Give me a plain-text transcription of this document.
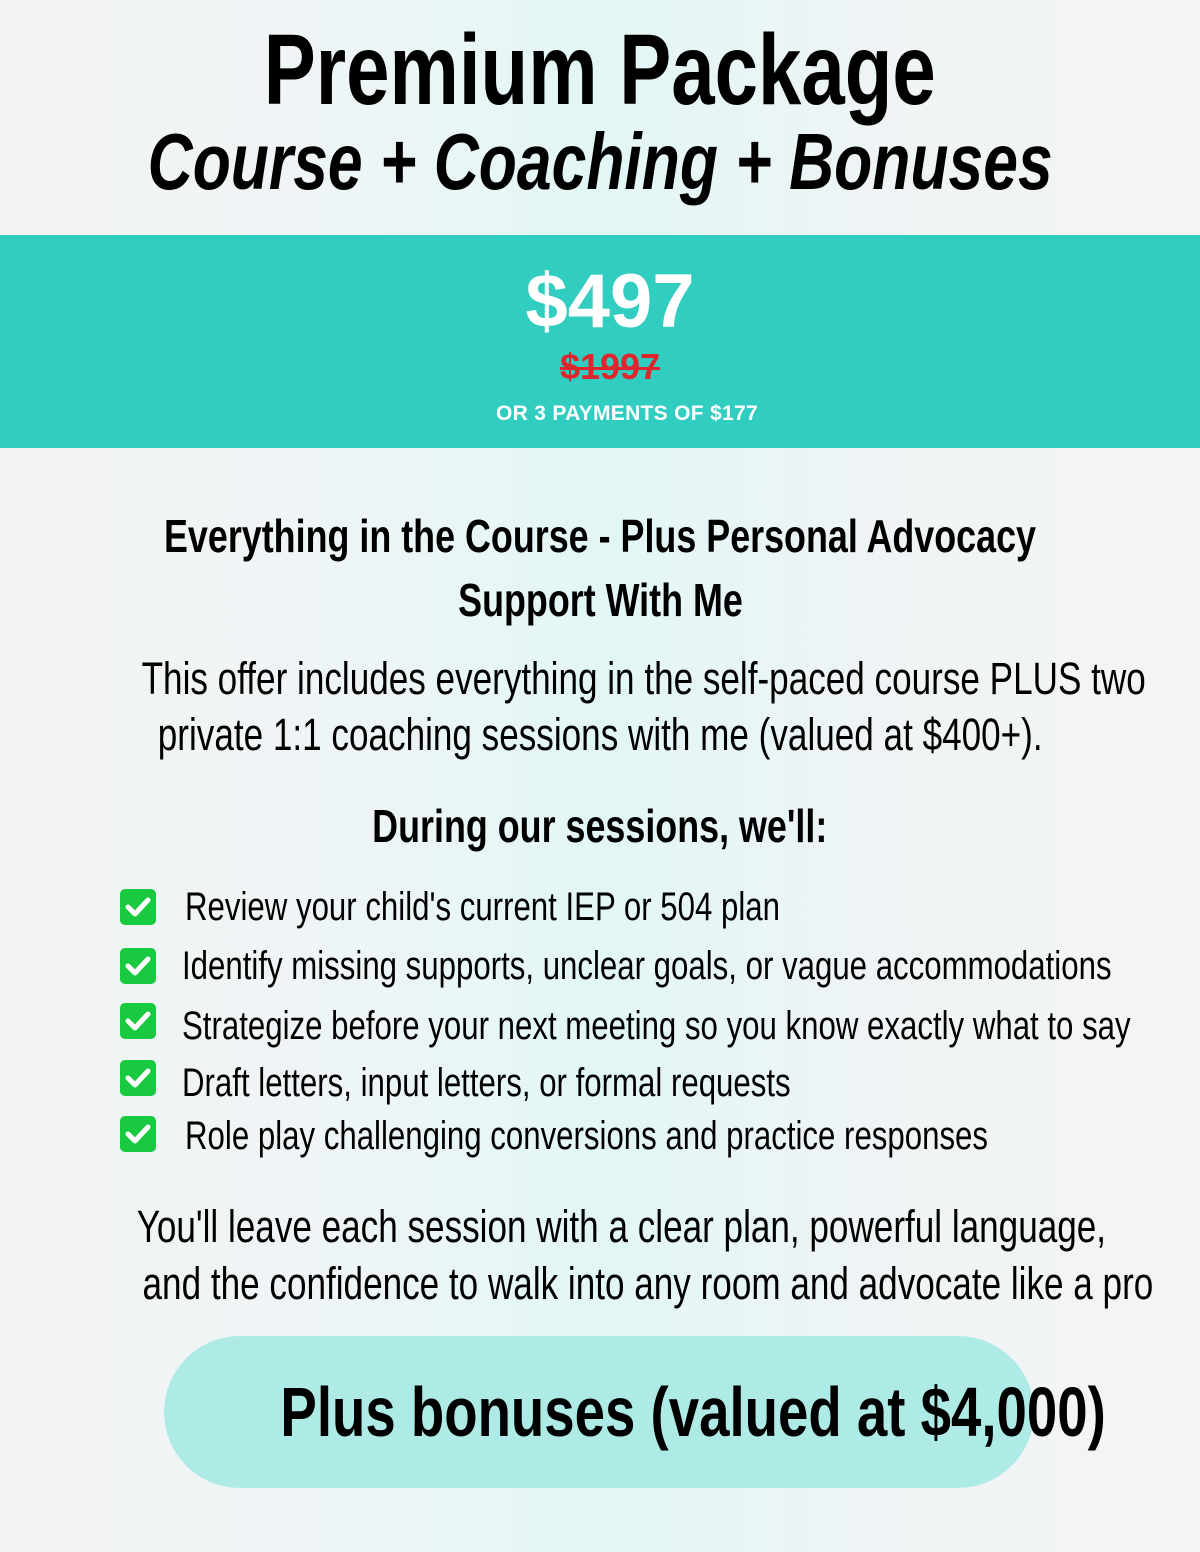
Premium Package
Course + Coaching + Bonuses
$497
$1997
OR 3 PAYMENTS OF $177
Everything in the Course - Plus Personal Advocacy
Support With Me
This offer includes everything in the self-paced course PLUS two
private 1:1 coaching sessions with me (valued at $400+).
During our sessions, we'll:
Review your child's current IEP or 504 plan
Identify missing supports, unclear goals, or vague accommodations
Strategize before your next meeting so you know exactly what to say
Draft letters, input letters, or formal requests
Role play challenging conversions and practice responses
You'll leave each session with a clear plan, powerful language,
and the confidence to walk into any room and advocate like a pro
Plus bonuses (valued at $4,000)
